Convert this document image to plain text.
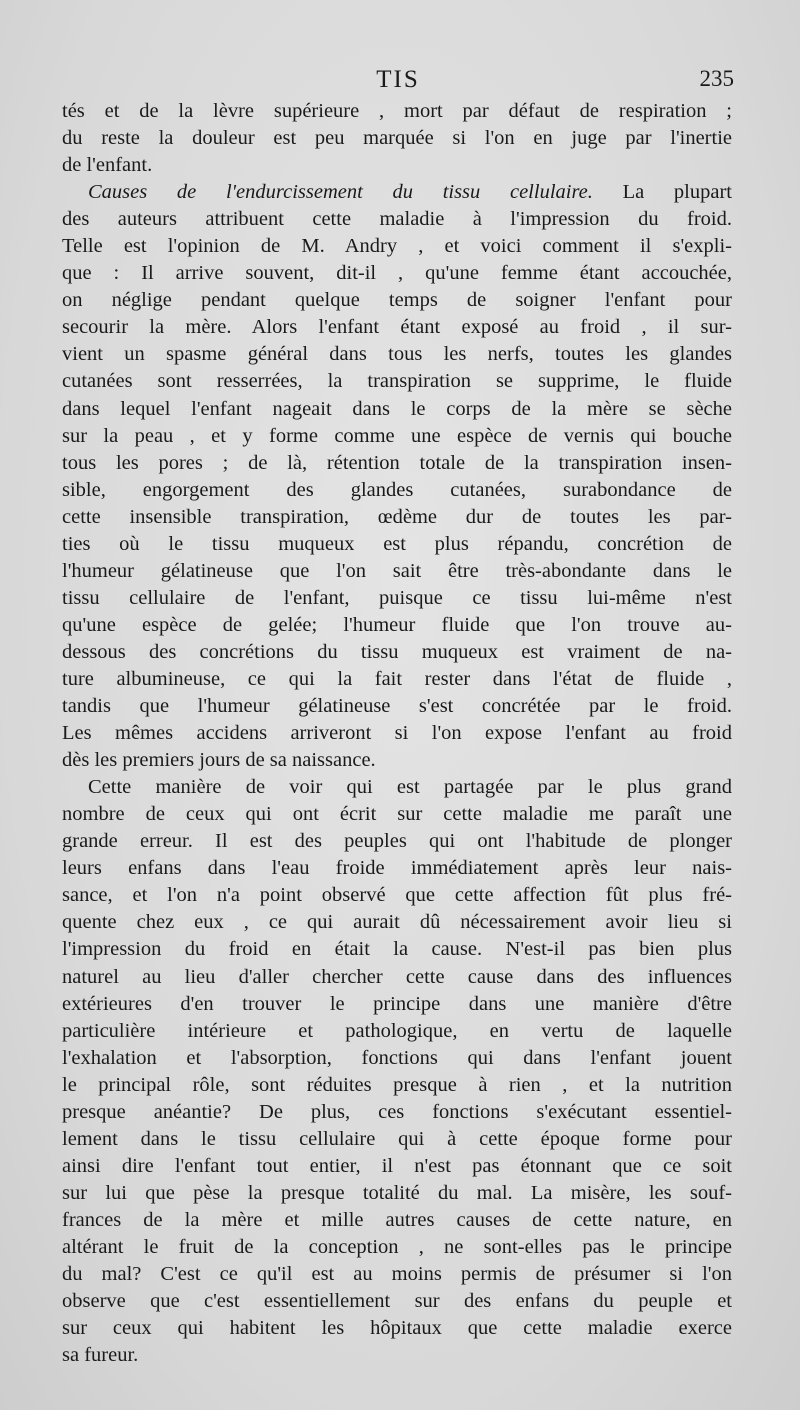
TIS	235
tés et de la lèvre supérieure , mort par défaut de respiration ;
du reste la douleur est peu marquée si l'on en juge par l'inertie
de l'enfant.
Causes de l'endurcissement du tissu cellulaire. La plupart
des auteurs attribuent cette maladie à l'impression du froid.
Telle est l'opinion de M. Andry , et voici comment il s'expli-
que : Il arrive souvent, dit-il , qu'une femme étant accouchée,
on néglige pendant quelque temps de soigner l'enfant pour
secourir la mère. Alors l'enfant étant exposé au froid , il sur-
vient un spasme général dans tous les nerfs, toutes les glandes
cutanées sont resserrées, la transpiration se supprime, le fluide
dans lequel l'enfant nageait dans le corps de la mère se sèche
sur la peau , et y forme comme une espèce de vernis qui bouche
tous les pores ; de là, rétention totale de la transpiration insen-
sible, engorgement des glandes cutanées, surabondance de
cette insensible transpiration, œdème dur de toutes les par-
ties où le tissu muqueux est plus répandu, concrétion de
l'humeur gélatineuse que l'on sait être très-abondante dans le
tissu cellulaire de l'enfant, puisque ce tissu lui-même n'est
qu'une espèce de gelée; l'humeur fluide que l'on trouve au-
dessous des concrétions du tissu muqueux est vraiment de na-
ture albumineuse, ce qui la fait rester dans l'état de fluide ,
tandis que l'humeur gélatineuse s'est concrétée par le froid.
Les mêmes accidens arriveront si l'on expose l'enfant au froid
dès les premiers jours de sa naissance.
Cette manière de voir qui est partagée par le plus grand
nombre de ceux qui ont écrit sur cette maladie me paraît une
grande erreur. Il est des peuples qui ont l'habitude de plonger
leurs enfans dans l'eau froide immédiatement après leur nais-
sance, et l'on n'a point observé que cette affection fût plus fré-
quente chez eux , ce qui aurait dû nécessairement avoir lieu si
l'impression du froid en était la cause. N'est-il pas bien plus
naturel au lieu d'aller chercher cette cause dans des influences
extérieures d'en trouver le principe dans une manière d'être
particulière intérieure et pathologique, en vertu de laquelle
l'exhalation et l'absorption, fonctions qui dans l'enfant jouent
le principal rôle, sont réduites presque à rien , et la nutrition
presque anéantie? De plus, ces fonctions s'exécutant essentiel-
lement dans le tissu cellulaire qui à cette époque forme pour
ainsi dire l'enfant tout entier, il n'est pas étonnant que ce soit
sur lui que pèse la presque totalité du mal. La misère, les souf-
frances de la mère et mille autres causes de cette nature, en
altérant le fruit de la conception , ne sont-elles pas le principe
du mal? C'est ce qu'il est au moins permis de présumer si l'on
observe que c'est essentiellement sur des enfans du peuple et
sur ceux qui habitent les hôpitaux que cette maladie exerce
sa fureur.
